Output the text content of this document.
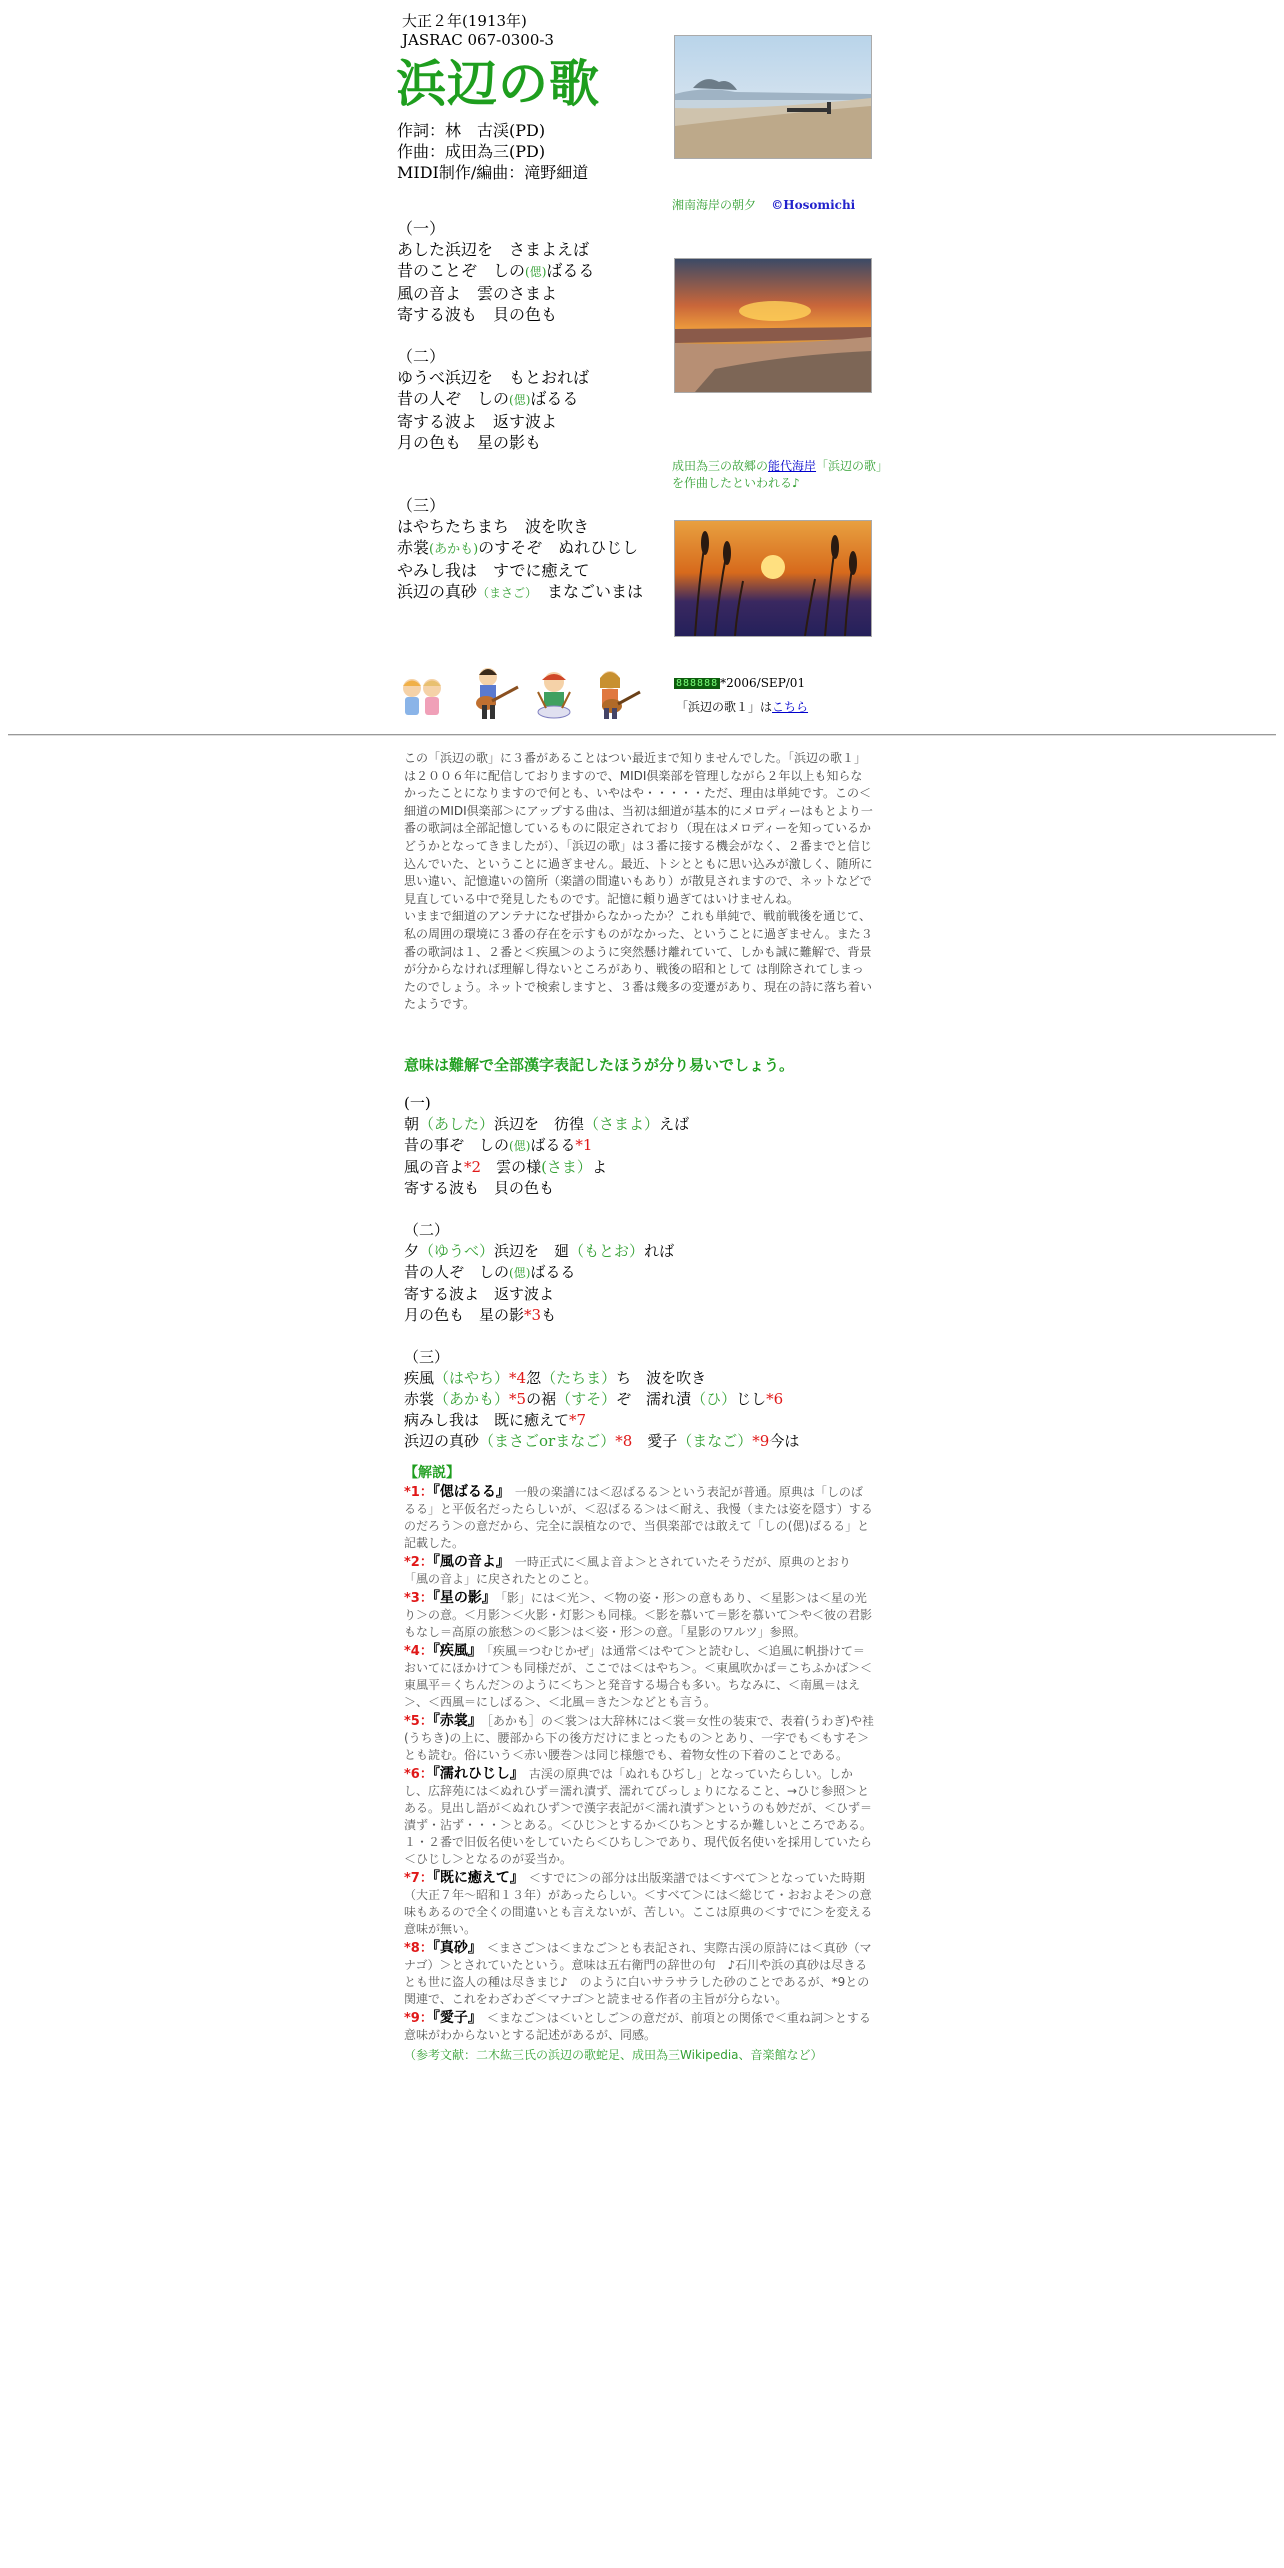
大正２年(1913年)
JASRAC 067-0300-3
浜辺の歌
作詞：林　古渓(PD)
作曲：成田為三(PD)
MIDI制作/編曲：滝野細道
湘南海岸の朝夕 ©Hosomichi
成田為三の故郷の能代海岸「浜辺の歌」を作曲したといわれる♪
（一）
あした浜辺を　さまよえば
昔のことぞ　しの(偲)ばるる
風の音よ　雲のさまよ
寄する波も　貝の色も
（二）
ゆうべ浜辺を　もとおれば
昔の人ぞ　しの(偲)ばるる
寄する波よ　返す波よ
月の色も　星の影も
（三）
はやちたちまち　波を吹き
赤裳(あかも)のすそぞ　ぬれひじし
やみし我は　すでに癒えて
浜辺の真砂（まさご）　まなごいまは
888888 *2006/SEP/01
「浜辺の歌１」はこちら
この「浜辺の歌」に３番があることはつい最近まで知りませんでした。「浜辺の歌１」は２００６年に配信しておりますので、MIDI倶楽部を管理しながら２年以上も知らなかったことになりますので何とも、いやはや・・・・・ただ、理由は単純です。この＜細道のMIDI倶楽部＞にアップする曲は、当初は細道が基本的にメロディーはもとより一番の歌詞は全部記憶しているものに限定されており（現在はメロディーを知っているかどうかとなってきましたが）、「浜辺の歌」は３番に接する機会がなく、２番までと信じ込んでいた、ということに過ぎません。最近、トシとともに思い込みが激しく、随所に思い違い、記憶違いの箇所（楽譜の間違いもあり）が散見されますので、ネットなどで見直している中で発見したものです。記憶に頼り過ぎてはいけませんね。
いままで細道のアンテナになぜ掛からなかったか？これも単純で、戦前戦後を通じて、私の周囲の環境に３番の存在を示すものがなかった、ということに過ぎません。また３番の歌詞は１、２番と＜疾風＞のように突然懸け離れていて、しかも誠に難解で、背景が分からなければ理解し得ないところがあり、戦後の昭和として は削除されてしまったのでしょう。ネットで検索しますと、３番は幾多の変遷があり、現在の詩に落ち着いたようです。
意味は難解で全部漢字表記したほうが分り易いでしょう。
(一)
朝（あした）浜辺を　彷徨（さまよ）えば
昔の事ぞ　しの(偲)ばるる*1
風の音よ*2　雲の様(さま）よ
寄する波も　貝の色も
（二）
夕（ゆうべ）浜辺を　廻（もとお）れば
昔の人ぞ　しの(偲)ばるる
寄する波よ　返す波よ
月の色も　星の影*3も
（三）
疾風（はやち）*4忽（たちま）ち　波を吹き
赤裳（あかも）*5の裾（すそ）ぞ　濡れ漬（ひ）じし*6
病みし我は　既に癒えて*7
浜辺の真砂（まさごorまなご）*8　愛子（まなご）*9今は
【解説】
*1：『偲ばるる』　 一般の楽譜には＜忍ばるる＞という表記が普通。原典は「しのばるる」と平仮名だったらしいが、＜忍ばるる＞は＜耐え、我慢（または姿を隠す）するのだろう＞の意だから、完全に誤植なので、当倶楽部では敢えて「しの(偲)ばるる」と記載した。
*2：『風の音よ』　 一時正式に＜風よ音よ＞とされていたそうだが、原典のとおり「風の音よ」に戻されたとのこと。
*3：『星の影』　 「影」には＜光＞、＜物の姿・形＞の意もあり、＜星影＞は＜星の光り＞の意。＜月影＞＜火影・灯影＞も同様。＜影を慕いて＝影を慕いて＞や＜彼の君影もなし＝高原の旅愁＞の＜影＞は＜姿・形＞の意。「星影のワルツ」参照。
*4：『疾風』　 「疾風＝つむじかぜ」は通常＜はやて＞と読むし、＜追風に帆掛けて＝おいてにほかけて＞も同様だが、ここでは＜はやち＞。＜東風吹かば＝こちふかば＞＜東風平＝くちんだ＞のように＜ち＞と発音する場合も多い。ちなみに、＜南風＝はえ＞、＜西風＝にしばる＞、＜北風＝きた＞などとも言う。
*5：『赤裳』　 ［あかも］の＜裳＞は大辞林には＜裳＝女性の装束で、表着(うわぎ)や袿(うちき)の上に、腰部から下の後方だけにまとったもの＞とあり、一字でも＜もすそ＞とも読む。俗にいう＜赤い腰巻＞は同じ様態でも、着物女性の下着のことである。
*6：『濡れひじし』　 古渓の原典では「ぬれもひぢし」となっていたらしい。しかし、広辞苑には＜ぬれひず＝濡れ漬ず、濡れてびっしょりになること、→ひじ参照＞とある。見出し語が＜ぬれひず＞で漢字表記が＜濡れ漬ず＞というのも妙だが、＜ひず＝漬ず・沾ず・・・＞とある。＜ひじ＞とするか＜ひち＞とするか難しいところである。１・２番で旧仮名使いをしていたら＜ひちし＞であり、現代仮名使いを採用していたら＜ひじし＞となるのが妥当か。
*7：『既に癒えて』　 ＜すでに＞の部分は出版楽譜では＜すべて＞となっていた時期（大正７年～昭和１３年）があったらしい。＜すべて＞には＜総じて・おおよそ＞の意味もあるので全くの間違いとも言えないが、苦しい。ここは原典の＜すでに＞を変える意味が無い。
*8：『真砂』　 ＜まさご＞は＜まなご＞とも表記され、実際古渓の原詩には＜真砂（マナゴ）＞とされていたという。意味は五右衛門の辞世の句　♪石川や浜の真砂は尽きるとも世に盗人の種は尽きまじ♪　のように白いサラサラした砂のことであるが、*9との関連で、これをわざわざ＜マナゴ＞と読ませる作者の主旨が分らない。
*9：『愛子』　 ＜まなご＞は＜いとしご＞の意だが、前項との関係で＜重ね詞＞とする意味がわからないとする記述があるが、同感。
（参考文献：二木紘三氏の浜辺の歌蛇足、成田為三Wikipedia、音楽館など）
